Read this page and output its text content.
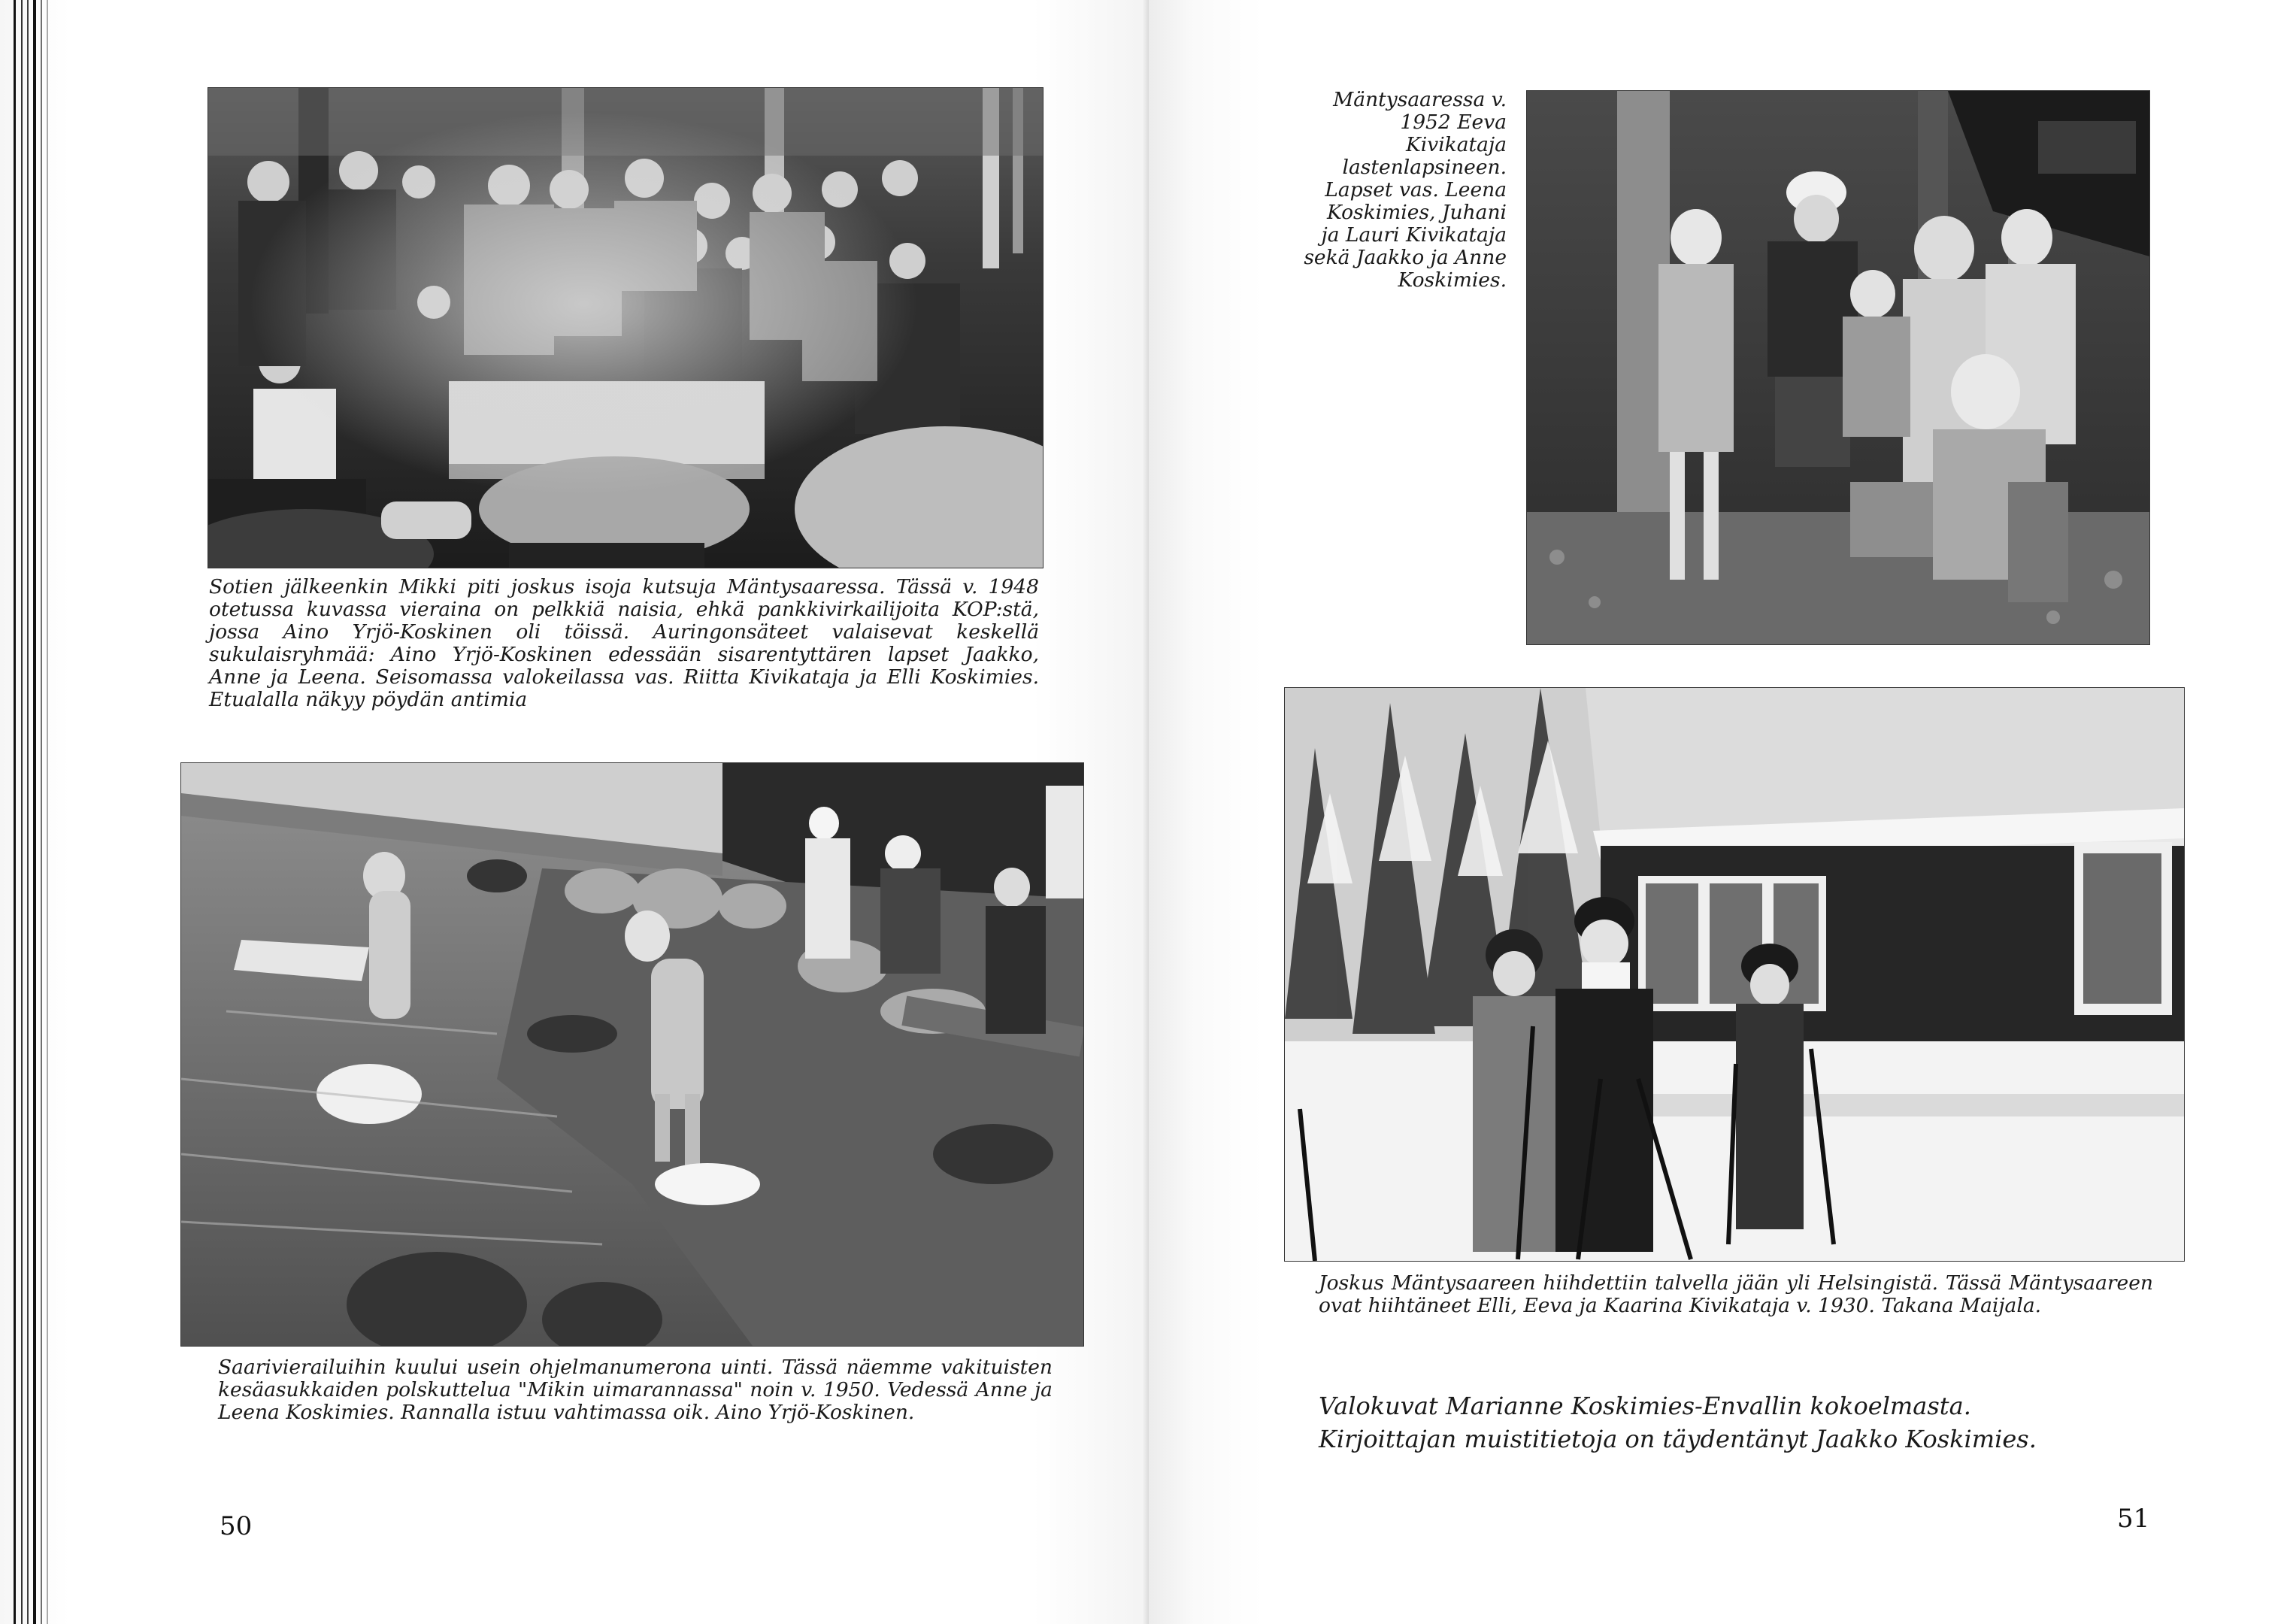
Sotien jälkeenkin Mikki piti joskus isoja kutsuja Mäntysaaressa. Tässä v. 1948 otetussa kuvassa vieraina on pelkkiä naisia, ehkä pankkivirkailijoita KOP:stä, jossa Aino Yrjö-Koskinen oli töissä. Auringonsäteet valaisevat keskellä sukulaisryhmää: Aino Yrjö-Koskinen edessään sisarentyttären lapset Jaakko, Anne ja Leena. Seisomassa valokeilassa vas. Riitta Kivikataja ja Elli Koskimies. Etualalla näkyy pöydän antimia

Saarivierailuihin kuului usein ohjelmanumerona uinti. Tässä näemme vakituisten kesäasukkaiden polskuttelua "Mikin uimarannassa" noin v. 1950. Vedessä Anne ja Leena Koskimies. Rannalla istuu vahtimassa oik. Aino Yrjö-Koskinen.

50

Mäntysaaressa v. 1952 Eeva Kivikataja lastenlapsineen. Lapset vas. Leena Koskimies, Juhani ja Lauri Kivikataja sekä Jaakko ja Anne Koskimies.

Joskus Mäntysaareen hiihdettiin talvella jään yli Helsingistä. Tässä Mäntysaareen ovat hiihtäneet Elli, Eeva ja Kaarina Kivikataja v. 1930. Takana Maijala.

Valokuvat Marianne Koskimies-Envallin kokoelmasta.
Kirjoittajan muistitietoja on täydentänyt Jaakko Koskimies.
51
